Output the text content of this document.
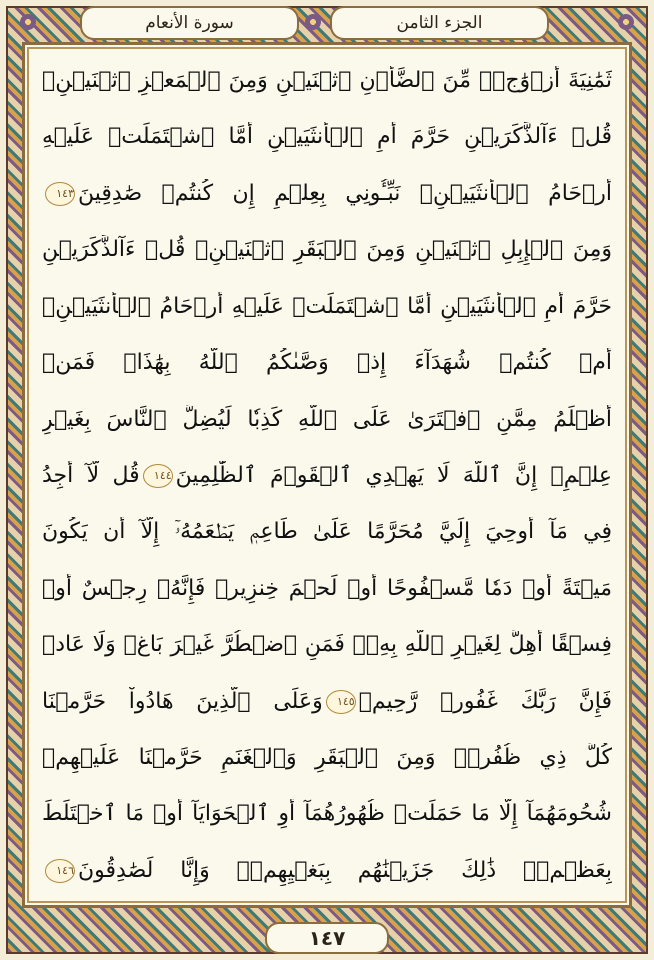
الجزء الثامن
سورة الأنعام
ثَمَٰنِيَةَ أَزۡوَٰجٖۖ مِّنَ ٱلضَّأۡنِ ٱثۡنَيۡنِ وَمِنَ ٱلۡمَعۡزِ ٱثۡنَيۡنِۗ
قُلۡ ءَآلذَّكَرَيۡنِ حَرَّمَ أَمِ ٱلۡأُنثَيَيۡنِ أَمَّا ٱشۡتَمَلَتۡ عَلَيۡهِ
أَرۡحَامُ ٱلۡأُنثَيَيۡنِۖ نَبِّـُٔونِي بِعِلۡمٍ إِن كُنتُمۡ صَٰدِقِينَ١٤٣
وَمِنَ ٱلۡإِبِلِ ٱثۡنَيۡنِ وَمِنَ ٱلۡبَقَرِ ٱثۡنَيۡنِۗ قُلۡ ءَآلذَّكَرَيۡنِ
حَرَّمَ أَمِ ٱلۡأُنثَيَيۡنِ أَمَّا ٱشۡتَمَلَتۡ عَلَيۡهِ أَرۡحَامُ ٱلۡأُنثَيَيۡنِۖ
أَمۡ كُنتُمۡ شُهَدَآءَ إِذۡ وَصَّىٰكُمُ ٱللَّهُ بِهَٰذَاۚ فَمَنۡ
أَظۡلَمُ مِمَّنِ ٱفۡتَرَىٰ عَلَى ٱللَّهِ كَذِبٗا لِّيُضِلَّ ٱلنَّاسَ بِغَيۡرِ
عِلۡمٍۚ إِنَّ ٱللَّهَ لَا يَهۡدِي ٱلۡقَوۡمَ ٱلظَّٰلِمِينَ١٤٤قُل لَّآ أَجِدُ
فِي مَآ أُوحِيَ إِلَيَّ مُحَرَّمًا عَلَىٰ طَاعِمٖ يَطۡعَمُهُۥٓ إِلَّآ أَن يَكُونَ
مَيۡتَةً أَوۡ دَمٗا مَّسۡفُوحًا أَوۡ لَحۡمَ خِنزِيرٖ فَإِنَّهُۥ رِجۡسٌ أَوۡ
فِسۡقًا أُهِلَّ لِغَيۡرِ ٱللَّهِ بِهِۦۚ فَمَنِ ٱضۡطُرَّ غَيۡرَ بَاغٖ وَلَا عَادٖ
فَإِنَّ رَبَّكَ غَفُورٞ رَّحِيمٞ١٤٥وَعَلَى ٱلَّذِينَ هَادُواْ حَرَّمۡنَا
كُلَّ ذِي ظُفُرٖۖ وَمِنَ ٱلۡبَقَرِ وَٱلۡغَنَمِ حَرَّمۡنَا عَلَيۡهِمۡ
شُحُومَهُمَآ إِلَّا مَا حَمَلَتۡ ظُهُورُهُمَآ أَوِ ٱلۡحَوَايَآ أَوۡ مَا ٱخۡتَلَطَ
بِعَظۡمٖۚ ذَٰلِكَ جَزَيۡنَٰهُم بِبَغۡيِهِمۡۖ وَإِنَّا لَصَٰدِقُونَ١٤٦
١٤٧
